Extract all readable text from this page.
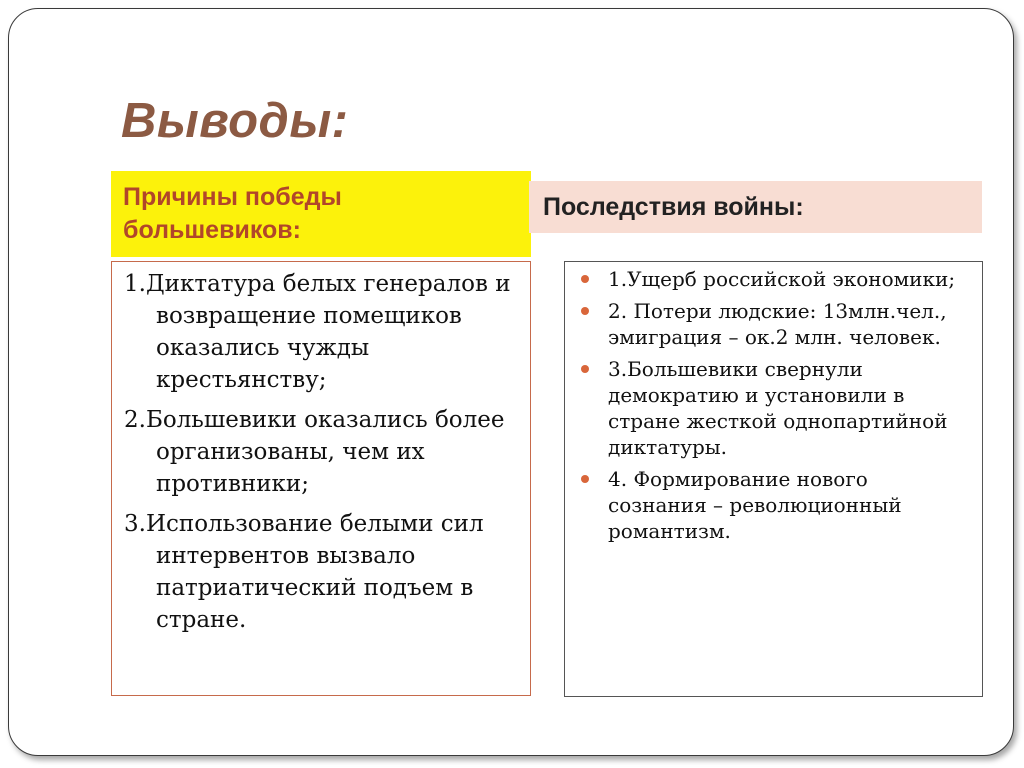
Выводы:
Причины победы большевиков:
Последствия войны:
1.Диктатура белых генералов и возвращение помещиков оказались чужды крестьянству;
2.Большевики оказались более организованы, чем их противники;
3.Использование белыми сил интервентов вызвало патриатический подъем в стране.
1.Ущерб российской экономики;
2. Потери людские: 13млн.чел., эмиграция – ок.2 млн. человек.
3.Большевики свернули демократию и установили в стране жесткой однопартийной диктатуры.
4. Формирование нового сознания – революционный романтизм.
